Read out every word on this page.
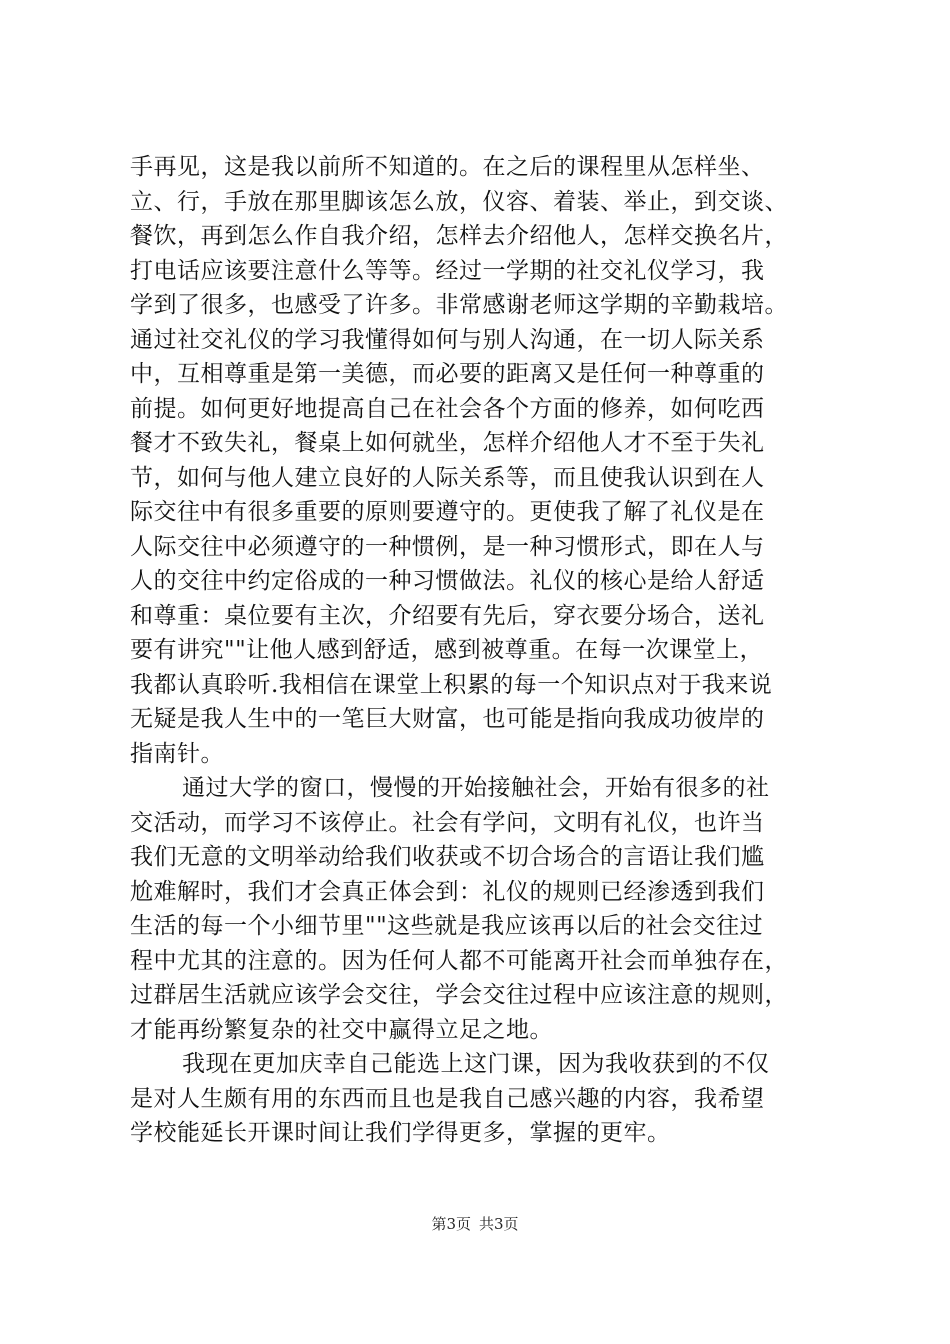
手再见，这是我以前所不知道的。在之后的课程里从怎样坐、
立、行，手放在那里脚该怎么放，仪容、着装、举止，到交谈、
餐饮，再到怎么作自我介绍，怎样去介绍他人，怎样交换名片，
打电话应该要注意什么等等。经过一学期的社交礼仪学习，我
学到了很多，也感受了许多。非常感谢老师这学期的辛勤栽培。
通过社交礼仪的学习我懂得如何与别人沟通，在一切人际关系
中，互相尊重是第一美德，而必要的距离又是任何一种尊重的
前提。如何更好地提高自己在社会各个方面的修养，如何吃西
餐才不致失礼，餐桌上如何就坐，怎样介绍他人才不至于失礼
节，如何与他人建立良好的人际关系等，而且使我认识到在人
际交往中有很多重要的原则要遵守的。更使我了解了礼仪是在
人际交往中必须遵守的一种惯例，是一种习惯形式，即在人与
人的交往中约定俗成的一种习惯做法。礼仪的核心是给人舒适
和尊重：桌位要有主次，介绍要有先后，穿衣要分场合，送礼
要有讲究""让他人感到舒适，感到被尊重。在每一次课堂上，
我都认真聆听.我相信在课堂上积累的每一个知识点对于我来说
无疑是我人生中的一笔巨大财富，也可能是指向我成功彼岸的
指南针。
通过大学的窗口，慢慢的开始接触社会，开始有很多的社
交活动，而学习不该停止。社会有学问，文明有礼仪，也许当
我们无意的文明举动给我们收获或不切合场合的言语让我们尴
尬难解时，我们才会真正体会到：礼仪的规则已经渗透到我们
生活的每一个小细节里""这些就是我应该再以后的社会交往过
程中尤其的注意的。因为任何人都不可能离开社会而单独存在，
过群居生活就应该学会交往，学会交往过程中应该注意的规则，
才能再纷繁复杂的社交中赢得立足之地。
我现在更加庆幸自己能选上这门课，因为我收获到的不仅
是对人生颇有用的东西而且也是我自己感兴趣的内容，我希望
学校能延长开课时间让我们学得更多，掌握的更牢。
第3页 共3页
